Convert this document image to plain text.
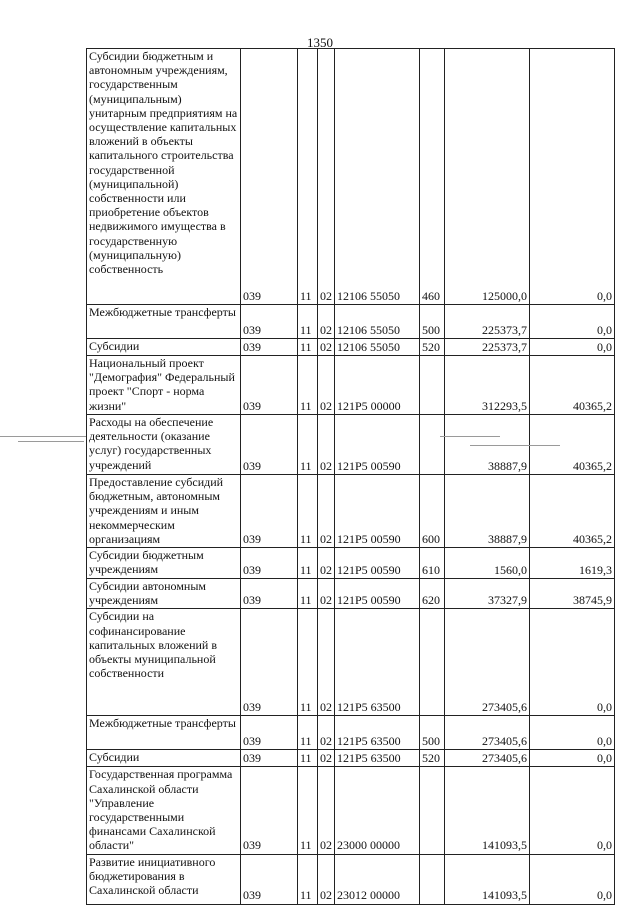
1350
Субсидии бюджетным и автономным учреждениям, государственным (муниципальным) унитарным предприятиям на осуществление капитальных вложений в объекты капитального строительства государственной (муниципальной) собственности или приобретение объектов недвижимого имущества в государственную (муниципальную) собственность	039	11	02	12106 55050	460	125000,0	0,0
Межбюджетные трансферты	039	11	02	12106 55050	500	225373,7	0,0
Субсидии	039	11	02	12106 55050	520	225373,7	0,0
Национальный проект "Демография" Федеральный проект "Спорт - норма жизни"	039	11	02	121P5 00000		312293,5	40365,2
Расходы на обеспечение деятельности (оказание услуг) государственных учреждений	039	11	02	121P5 00590		38887,9	40365,2
Предоставление субсидий бюджетным, автономным учреждениям и иным некоммерческим организациям	039	11	02	121P5 00590	600	38887,9	40365,2
Субсидии бюджетным учреждениям	039	11	02	121P5 00590	610	1560,0	1619,3
Субсидии автономным учреждениям	039	11	02	121P5 00590	620	37327,9	38745,9
Субсидии на софинансирование капитальных вложений в объекты муниципальной собственности	039	11	02	121P5 63500		273405,6	0,0
Межбюджетные трансферты	039	11	02	121P5 63500	500	273405,6	0,0
Субсидии	039	11	02	121P5 63500	520	273405,6	0,0
Государственная программа Сахалинской области "Управление государственными финансами Сахалинской области"	039	11	02	23000 00000		141093,5	0,0
Развитие инициативного бюджетирования в Сахалинской области	039	11	02	23012 00000		141093,5	0,0
